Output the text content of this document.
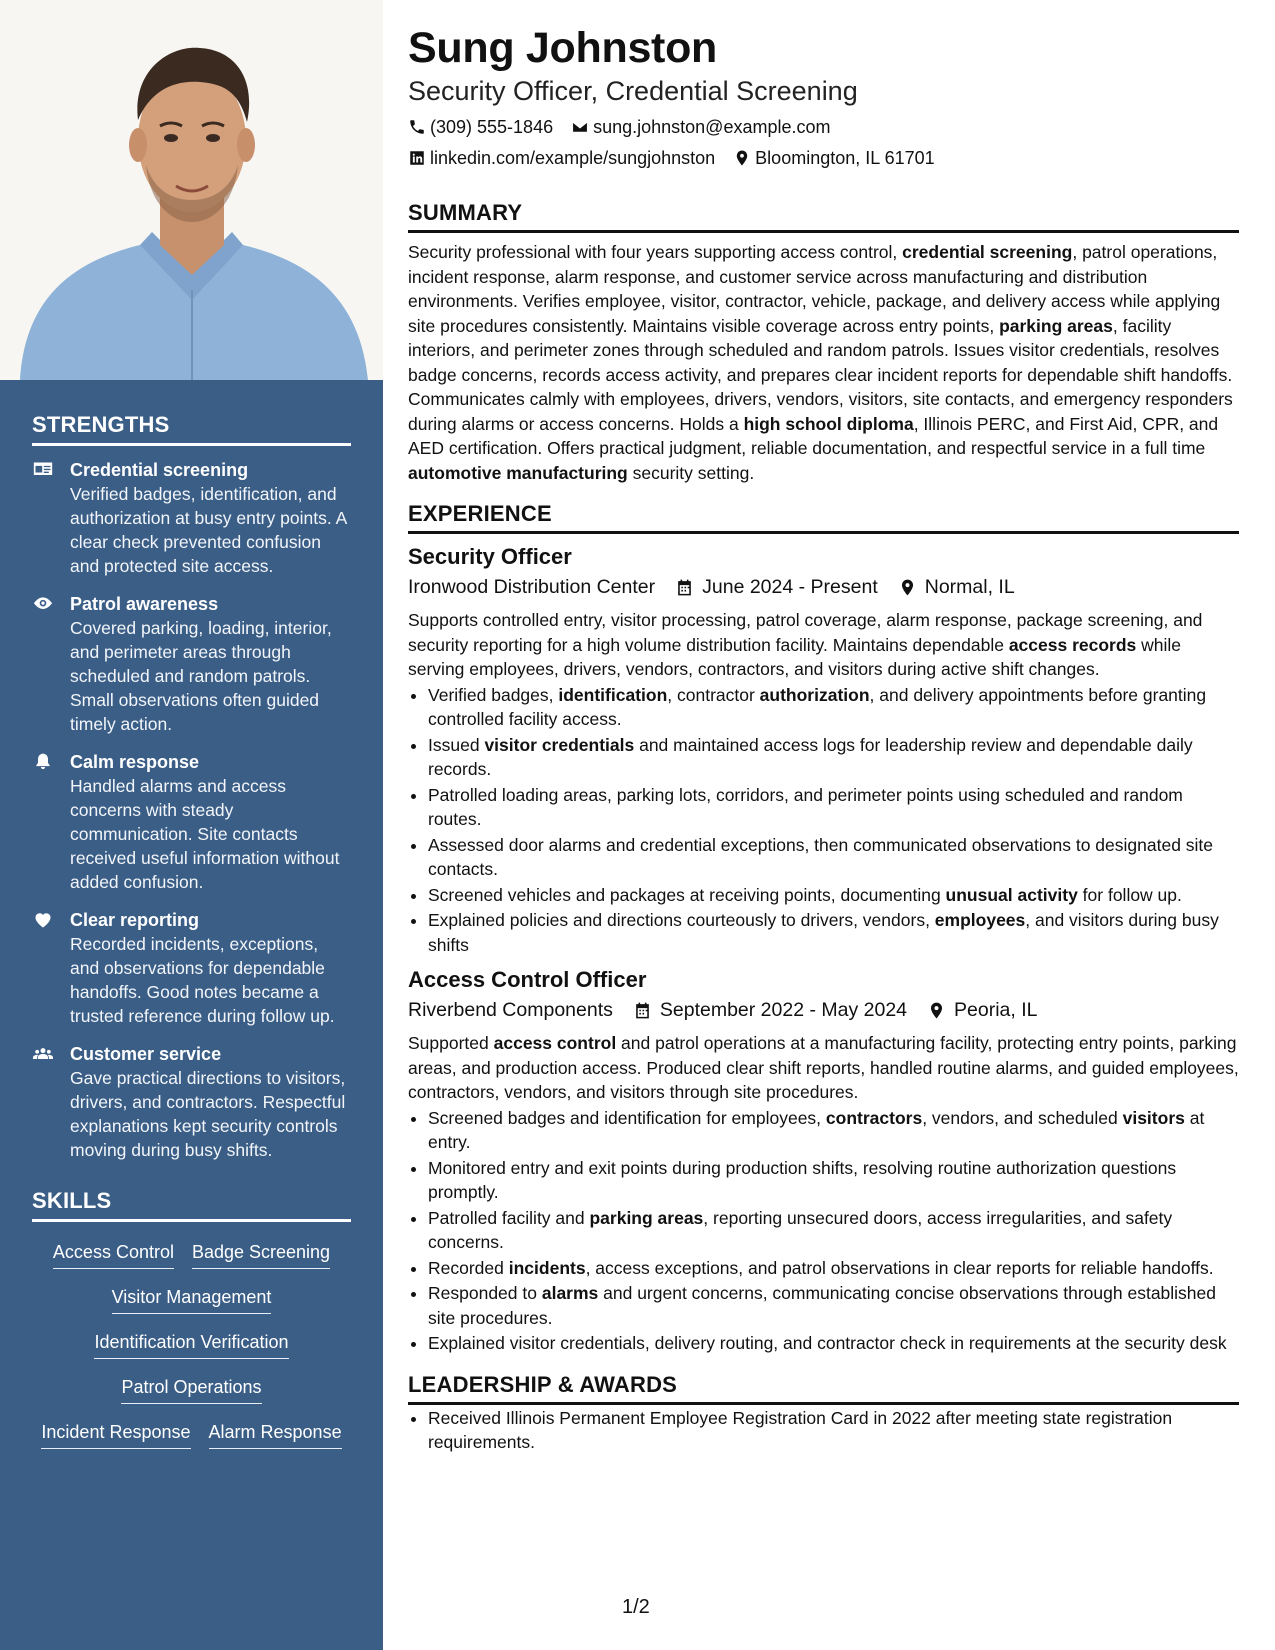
STRENGTHS
Credential screening
Verified badges, identification, and authorization at busy entry points. A clear check prevented confusion and protected site access.
Patrol awareness
Covered parking, loading, interior, and perimeter areas through scheduled and random patrols. Small observations often guided timely action.
Calm response
Handled alarms and access concerns with steady communication. Site contacts received useful information without added confusion.
Clear reporting
Recorded incidents, exceptions, and observations for dependable handoffs. Good notes became a trusted reference during follow up.
Customer service
Gave practical directions to visitors, drivers, and contractors. Respectful explanations kept security controls moving during busy shifts.
SKILLS
Access Control Badge Screening
Visitor Management
Identification Verification
Patrol Operations
Incident Response Alarm Response
Sung Johnston
Security Officer, Credential Screening
(309) 555-1846 sung.johnston@example.com
linkedin.com/example/sungjohnston Bloomington, IL 61701
SUMMARY
Security professional with four years supporting access control, credential screening, patrol operations, incident response, alarm response, and customer service across manufacturing and distribution environments. Verifies employee, visitor, contractor, vehicle, package, and delivery access while applying site procedures consistently. Maintains visible coverage across entry points, parking areas, facility interiors, and perimeter zones through scheduled and random patrols. Issues visitor credentials, resolves badge concerns, records access activity, and prepares clear incident reports for dependable shift handoffs. Communicates calmly with employees, drivers, vendors, visitors, site contacts, and emergency responders during alarms or access concerns. Holds a high school diploma, Illinois PERC, and First Aid, CPR, and AED certification. Offers practical judgment, reliable documentation, and respectful service in a full time automotive manufacturing security setting.
EXPERIENCE
Security Officer
Ironwood Distribution Center June 2024 - Present Normal, IL
Supports controlled entry, visitor processing, patrol coverage, alarm response, package screening, and security reporting for a high volume distribution facility. Maintains dependable access records while serving employees, drivers, vendors, contractors, and visitors during active shift changes.
• Verified badges, identification, contractor authorization, and delivery appointments before granting controlled facility access.
• Issued visitor credentials and maintained access logs for leadership review and dependable daily records.
• Patrolled loading areas, parking lots, corridors, and perimeter points using scheduled and random routes.
• Assessed door alarms and credential exceptions, then communicated observations to designated site contacts.
• Screened vehicles and packages at receiving points, documenting unusual activity for follow up.
• Explained policies and directions courteously to drivers, vendors, employees, and visitors during busy shifts
Access Control Officer
Riverbend Components September 2022 - May 2024 Peoria, IL
Supported access control and patrol operations at a manufacturing facility, protecting entry points, parking areas, and production access. Produced clear shift reports, handled routine alarms, and guided employees, contractors, vendors, and visitors through site procedures.
• Screened badges and identification for employees, contractors, vendors, and scheduled visitors at entry.
• Monitored entry and exit points during production shifts, resolving routine authorization questions promptly.
• Patrolled facility and parking areas, reporting unsecured doors, access irregularities, and safety concerns.
• Recorded incidents, access exceptions, and patrol observations in clear reports for reliable handoffs.
• Responded to alarms and urgent concerns, communicating concise observations through established site procedures.
• Explained visitor credentials, delivery routing, and contractor check in requirements at the security desk
LEADERSHIP & AWARDS
• Received Illinois Permanent Employee Registration Card in 2022 after meeting state registration requirements.
1/2
